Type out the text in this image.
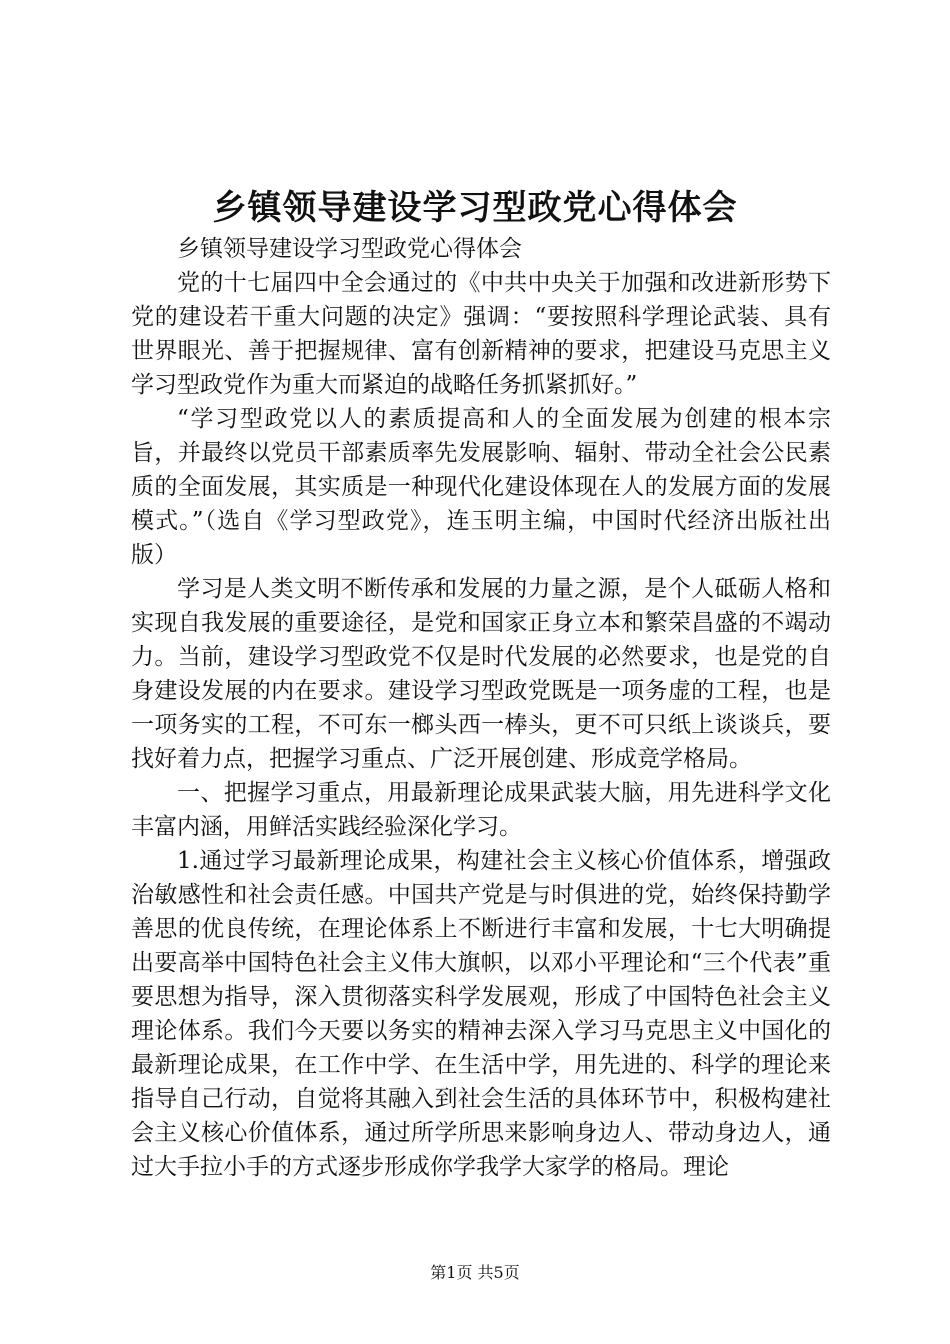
乡镇领导建设学习型政党心得体会

乡镇领导建设学习型政党心得体会

党的十七届四中全会通过的《中共中央关于加强和改进新形势下党的建设若干重大问题的决定》强调：“要按照科学理论武装、具有世界眼光、善于把握规律、富有创新精神的要求，把建设马克思主义学习型政党作为重大而紧迫的战略任务抓紧抓好。”

“学习型政党以人的素质提高和人的全面发展为创建的根本宗旨，并最终以党员干部素质率先发展影响、辐射、带动全社会公民素质的全面发展，其实质是一种现代化建设体现在人的发展方面的发展模式。”（选自《学习型政党》，连玉明主编，中国时代经济出版社出版）

学习是人类文明不断传承和发展的力量之源，是个人砥砺人格和实现自我发展的重要途径，是党和国家正身立本和繁荣昌盛的不竭动力。当前，建设学习型政党不仅是时代发展的必然要求，也是党的自身建设发展的内在要求。建设学习型政党既是一项务虚的工程，也是一项务实的工程，不可东一榔头西一棒头，更不可只纸上谈谈兵，要找好着力点，把握学习重点、广泛开展创建、形成竞学格局。

一、把握学习重点，用最新理论成果武装大脑，用先进科学文化丰富内涵，用鲜活实践经验深化学习。

1.通过学习最新理论成果，构建社会主义核心价值体系，增强政治敏感性和社会责任感。中国共产党是与时俱进的党，始终保持勤学善思的优良传统，在理论体系上不断进行丰富和发展，十七大明确提出要高举中国特色社会主义伟大旗帜，以邓小平理论和“三个代表”重要思想为指导，深入贯彻落实科学发展观，形成了中国特色社会主义理论体系。我们今天要以务实的精神去深入学习马克思主义中国化的最新理论成果，在工作中学、在生活中学，用先进的、科学的理论来指导自己行动，自觉将其融入到社会生活的具体环节中，积极构建社会主义核心价值体系，通过所学所思来影响身边人、带动身边人，通过大手拉小手的方式逐步形成你学我学大家学的格局。理论

第1页 共5页
